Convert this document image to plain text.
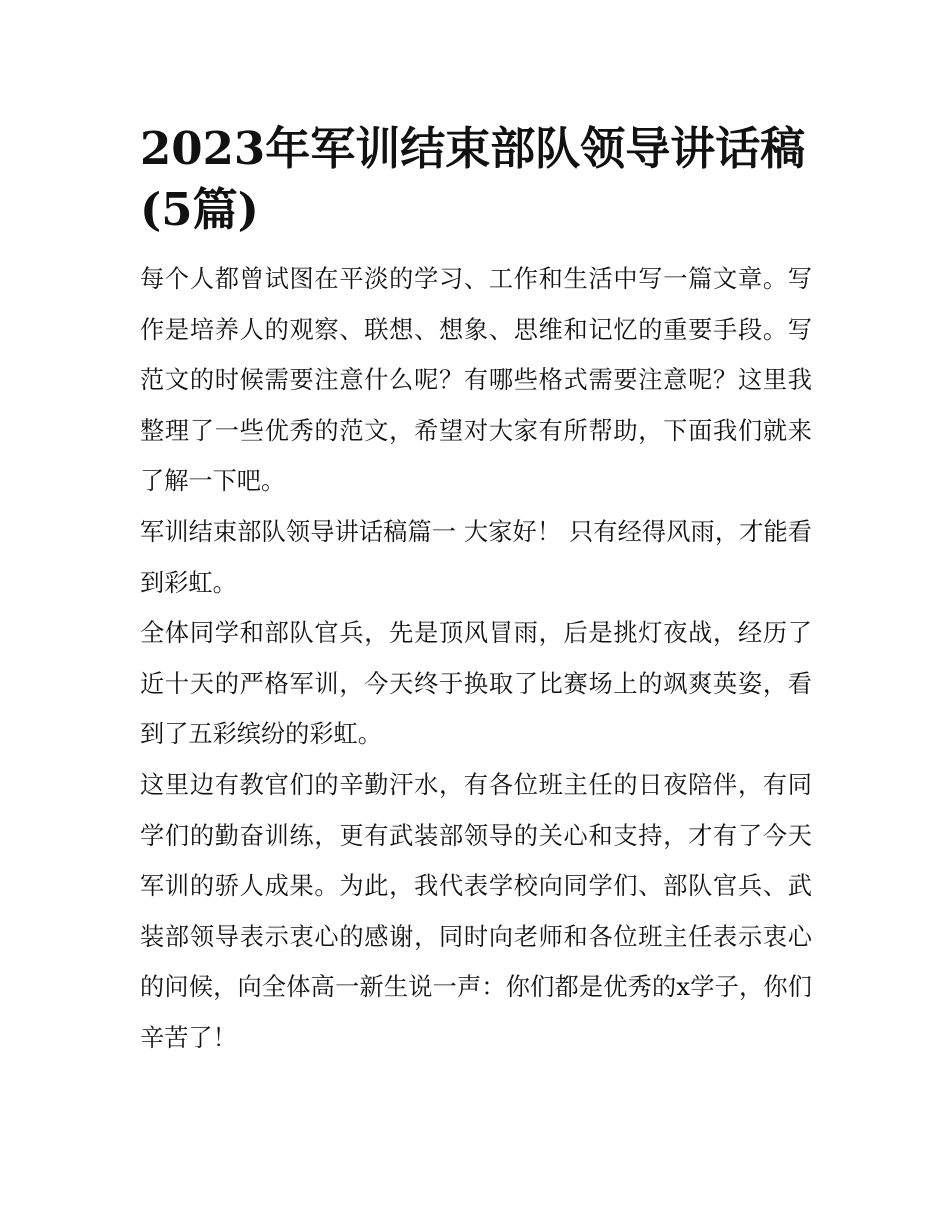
2023年军训结束部队领导讲话稿(5篇)

每个人都曾试图在平淡的学习、工作和生活中写一篇文章。写作是培养人的观察、联想、想象、思维和记忆的重要手段。写范文的时候需要注意什么呢？有哪些格式需要注意呢？这里我整理了一些优秀的范文，希望对大家有所帮助，下面我们就来了解一下吧。

军训结束部队领导讲话稿篇一 大家好！ 只有经得风雨，才能看到彩虹。

全体同学和部队官兵，先是顶风冒雨，后是挑灯夜战，经历了近十天的严格军训，今天终于换取了比赛场上的飒爽英姿，看到了五彩缤纷的彩虹。

这里边有教官们的辛勤汗水，有各位班主任的日夜陪伴，有同学们的勤奋训练，更有武装部领导的关心和支持，才有了今天军训的骄人成果。为此，我代表学校向同学们、部队官兵、武装部领导表示衷心的感谢，同时向老师和各位班主任表示衷心的问候，向全体高一新生说一声：你们都是优秀的x学子，你们辛苦了！
